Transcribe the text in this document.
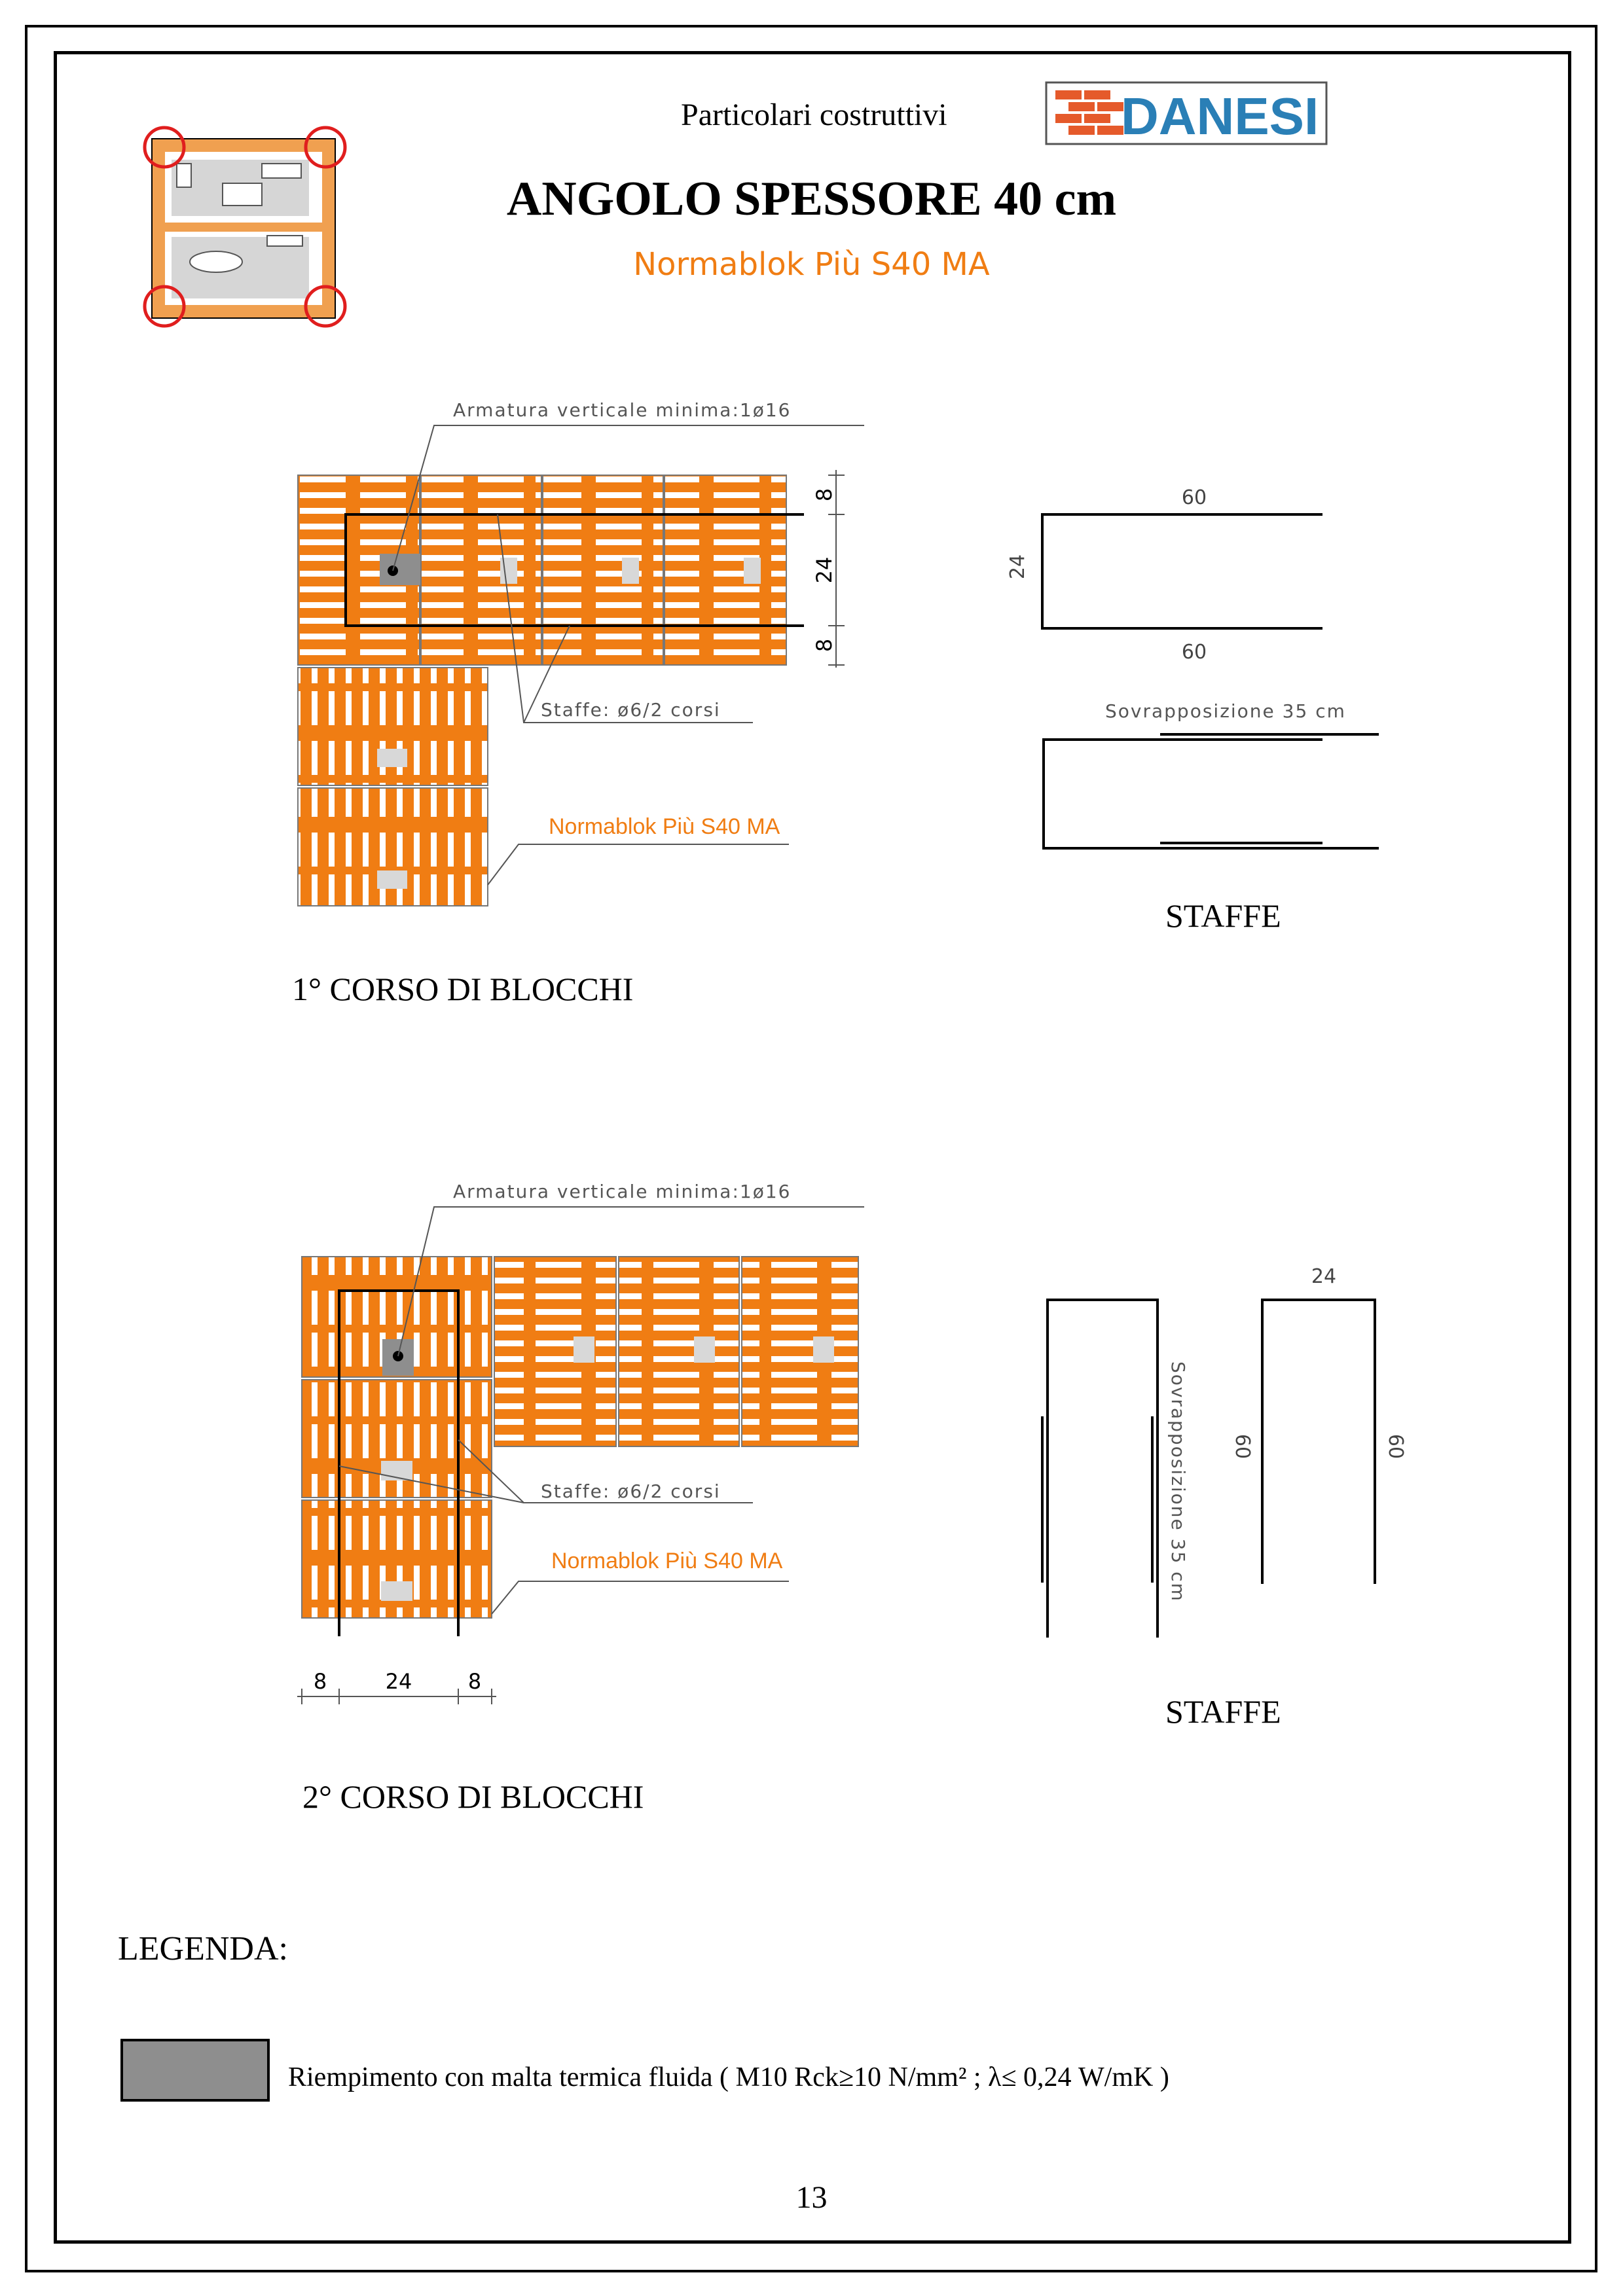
Particolari costruttivi
ANGOLO SPESSORE 40 cm
Normablok Più S40 MA
1° CORSO DI BLOCCHI
2° CORSO DI BLOCCHI
STAFFE
STAFFE
LEGENDA:
Riempimento con malta termica fluida ( M10 Rck≥10 N/mm² ; λ≤ 0,24 W/mK )
13
DANESI
Armatura verticale minima:1ø16
Staffe: ø6/2 corsi
Normablok Più S40 MA
8
24
8
60
60
24
Sovrapposizione 35 cm
Armatura verticale minima:1ø16
Staffe: ø6/2 corsi
Normablok Più S40 MA
8	24	8
24
60	60
Sovrapposizione 35 cm
